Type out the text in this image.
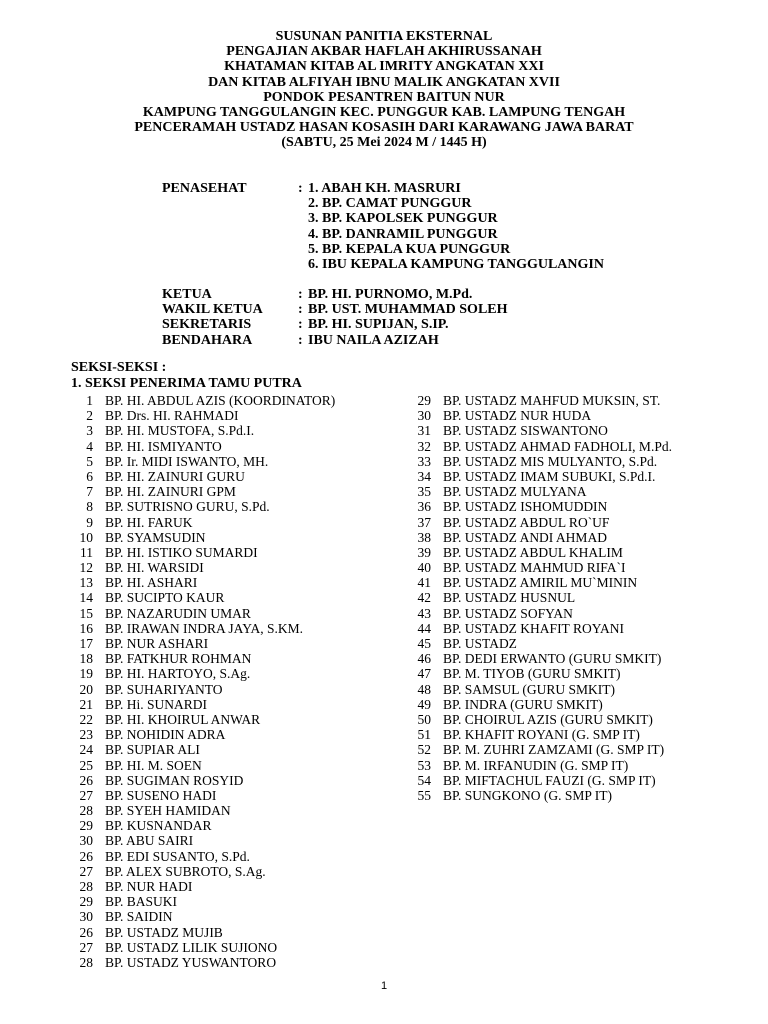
SUSUNAN PANITIA EKSTERNAL
PENGAJIAN AKBAR HAFLAH AKHIRUSSANAH
KHATAMAN KITAB AL IMRITY ANGKATAN XXI
DAN KITAB ALFIYAH IBNU MALIK ANGKATAN XVII
PONDOK PESANTREN BAITUN NUR
KAMPUNG TANGGULANGIN KEC. PUNGGUR KAB. LAMPUNG TENGAH
PENCERAMAH USTADZ HASAN KOSASIH DARI KARAWANG JAWA BARAT
(SABTU, 25 Mei 2024 M / 1445 H)
PENASEHAT	: 1. ABAH KH. MASRURI
2. BP. CAMAT PUNGGUR
3. BP. KAPOLSEK PUNGGUR
4. BP. DANRAMIL PUNGGUR
5. BP. KEPALA KUA PUNGGUR
6. IBU KEPALA KAMPUNG TANGGULANGIN
KETUA	: BP. HI. PURNOMO, M.Pd.
WAKIL KETUA	: BP. UST. MUHAMMAD SOLEH
SEKRETARIS	: BP. HI. SUPIJAN, S.IP.
BENDAHARA	: IBU NAILA AZIZAH
SEKSI-SEKSI :
1. SEKSI PENERIMA TAMU PUTRA
1 BP. HI. ABDUL AZIS (KOORDINATOR)
2 BP. Drs. HI. RAHMADI
3 BP. HI. MUSTOFA, S.Pd.I.
4 BP. HI. ISMIYANTO
5 BP. Ir. MIDI ISWANTO, MH.
6 BP. HI. ZAINURI GURU
7 BP. HI. ZAINURI GPM
8 BP. SUTRISNO GURU, S.Pd.
9 BP. HI. FARUK
10 BP. SYAMSUDIN
11 BP. HI. ISTIKO SUMARDI
12 BP. HI. WARSIDI
13 BP. HI. ASHARI
14 BP. SUCIPTO KAUR
15 BP. NAZARUDIN UMAR
16 BP. IRAWAN INDRA JAYA, S.KM.
17 BP. NUR ASHARI
18 BP. FATKHUR ROHMAN
19 BP. HI. HARTOYO, S.Ag.
20 BP. SUHARIYANTO
21 BP. Hi. SUNARDI
22 BP. HI. KHOIRUL ANWAR
23 BP. NOHIDIN ADRA
24 BP. SUPIAR ALI
25 BP. HI. M. SOEN
26 BP. SUGIMAN ROSYID
27 BP. SUSENO HADI
28 BP. SYEH HAMIDAN
29 BP. KUSNANDAR
30 BP. ABU SAIRI
26 BP. EDI SUSANTO, S.Pd.
27 BP. ALEX SUBROTO, S.Ag.
28 BP. NUR HADI
29 BP. BASUKI
30 BP. SAIDIN
26 BP. USTADZ MUJIB
27 BP. USTADZ LILIK SUJIONO
28 BP. USTADZ YUSWANTORO
29 BP. USTADZ MAHFUD MUKSIN, ST.
30 BP. USTADZ NUR HUDA
31 BP. USTADZ SISWANTONO
32 BP. USTADZ AHMAD FADHOLI, M.Pd.
33 BP. USTADZ MIS MULYANTO, S.Pd.
34 BP. USTADZ IMAM SUBUKI, S.Pd.I.
35 BP. USTADZ MULYANA
36 BP. USTADZ ISHOMUDDIN
37 BP. USTADZ ABDUL RO`UF
38 BP. USTADZ ANDI AHMAD
39 BP. USTADZ ABDUL KHALIM
40 BP. USTADZ MAHMUD RIFA`I
41 BP. USTADZ AMIRIL MU`MININ
42 BP. USTADZ HUSNUL
43 BP. USTADZ SOFYAN
44 BP. USTADZ KHAFIT ROYANI
45 BP. USTADZ
46 BP. DEDI ERWANTO (GURU SMKIT)
47 BP. M. TIYOB (GURU SMKIT)
48 BP. SAMSUL (GURU SMKIT)
49 BP. INDRA (GURU SMKIT)
50 BP. CHOIRUL AZIS (GURU SMKIT)
51 BP. KHAFIT ROYANI (G. SMP IT)
52 BP. M. ZUHRI ZAMZAMI (G. SMP IT)
53 BP. M. IRFANUDIN (G. SMP IT)
54 BP. MIFTACHUL FAUZI (G. SMP IT)
55 BP. SUNGKONO (G. SMP IT)
1
